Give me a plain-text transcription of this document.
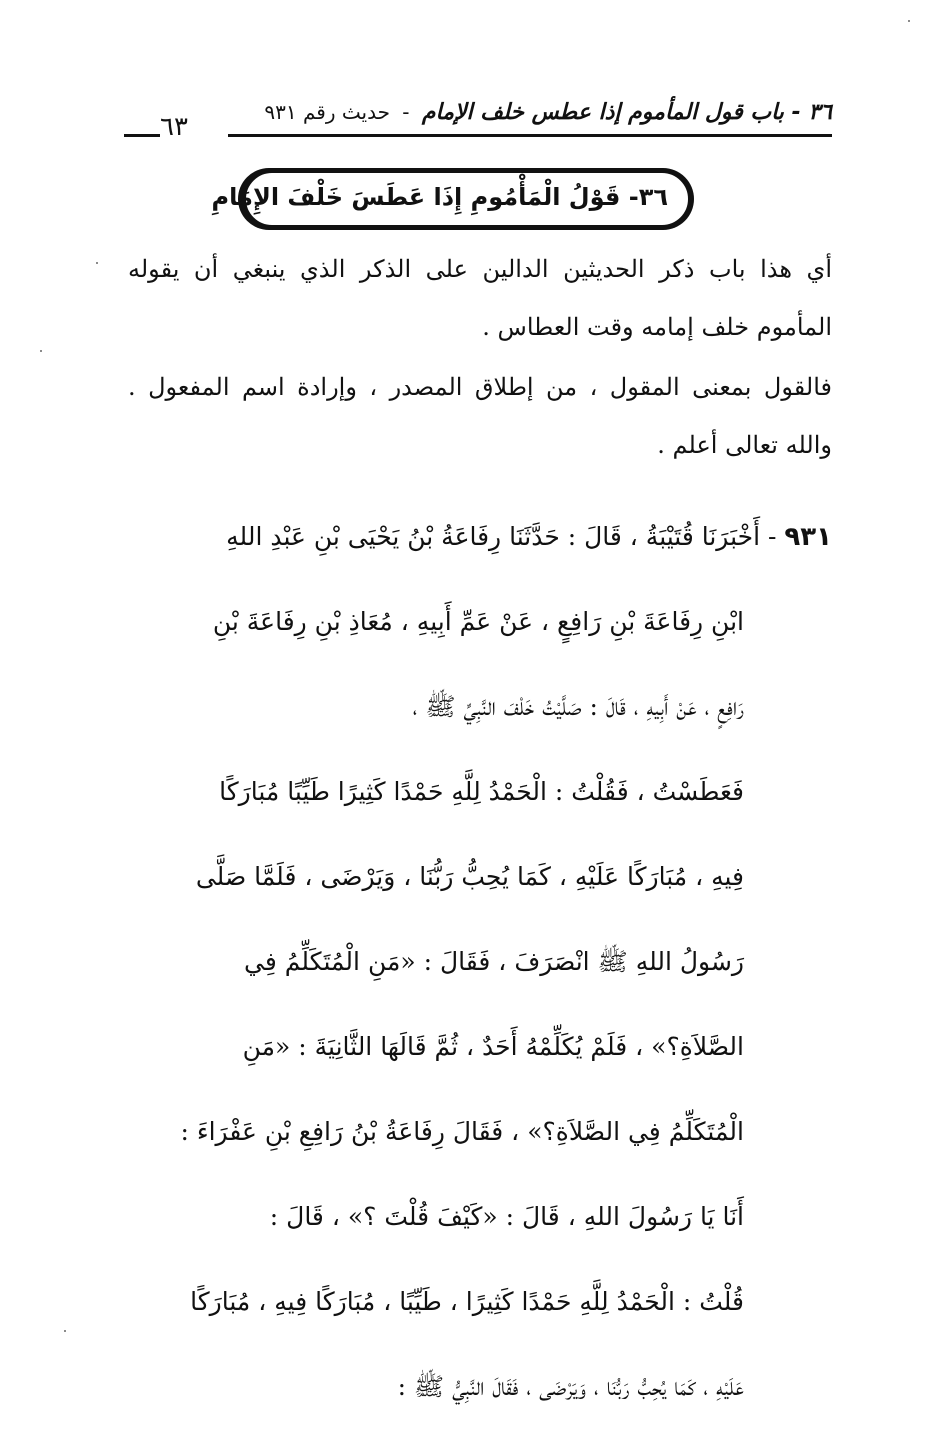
٦٣	٣٦ - باب قول المأموم إذا عطس خلف الإمام - حديث رقم ٩٣١
٣٦- قَوْلُ الْمَأْمُومِ إِذَا عَطَسَ خَلْفَ الإِمَامِ

أي هذا باب ذكر الحديثين الدالين على الذكر الذي ينبغي أن يقوله المأموم خلف إمامه وقت العطاس .

فالقول بمعنى المقول ، من إطلاق المصدر ، وإرادة اسم المفعول . والله تعالى أعلم .

٩٣١ - أَخْبَرَنَا قُتَيْبَةُ ، قَالَ : حَدَّثَنَا رِفَاعَةُ بْنُ يَحْيَى بْنِ عَبْدِ اللهِ
ابْنِ رِفَاعَةَ بْنِ رَافِعٍ ، عَنْ عَمِّ أَبِيهِ ، مُعَاذِ بْنِ رِفَاعَةَ بْنِ
رَافِعٍ ، عَنْ أَبِيهِ ، قَالَ : صَلَّيْتُ خَلْفَ النَّبِيِّ ﷺ ،
فَعَطَسْتُ ، فَقُلْتُ : الْحَمْدُ لِلَّهِ حَمْدًا كَثِيرًا طَيِّبًا مُبَارَكًا
فِيهِ ، مُبَارَكًا عَلَيْهِ ، كَمَا يُحِبُّ رَبُّنَا ، وَيَرْضَى ، فَلَمَّا صَلَّى
رَسُولُ اللهِ ﷺ انْصَرَفَ ، فَقَالَ : «مَنِ الْمُتَكَلِّمُ فِي
الصَّلاَةِ؟» ، فَلَمْ يُكَلِّمْهُ أَحَدٌ ، ثُمَّ قَالَهَا الثَّانِيَةَ : «مَنِ
الْمُتَكَلِّمُ فِي الصَّلاَةِ؟» ، فَقَالَ رِفَاعَةُ بْنُ رَافِعِ بْنِ عَفْرَاءَ :
أَنَا يَا رَسُولَ اللهِ ، قَالَ : «كَيْفَ قُلْتَ ؟» ، قَالَ :
قُلْتُ : الْحَمْدُ لِلَّهِ حَمْدًا كَثِيرًا ، طَيِّبًا ، مُبَارَكًا فِيهِ ، مُبَارَكًا
عَلَيْهِ ، كَمَا يُحِبُّ رَبُّنَا ، وَيَرْضَى ، فَقَالَ النَّبِيُّ ﷺ :
